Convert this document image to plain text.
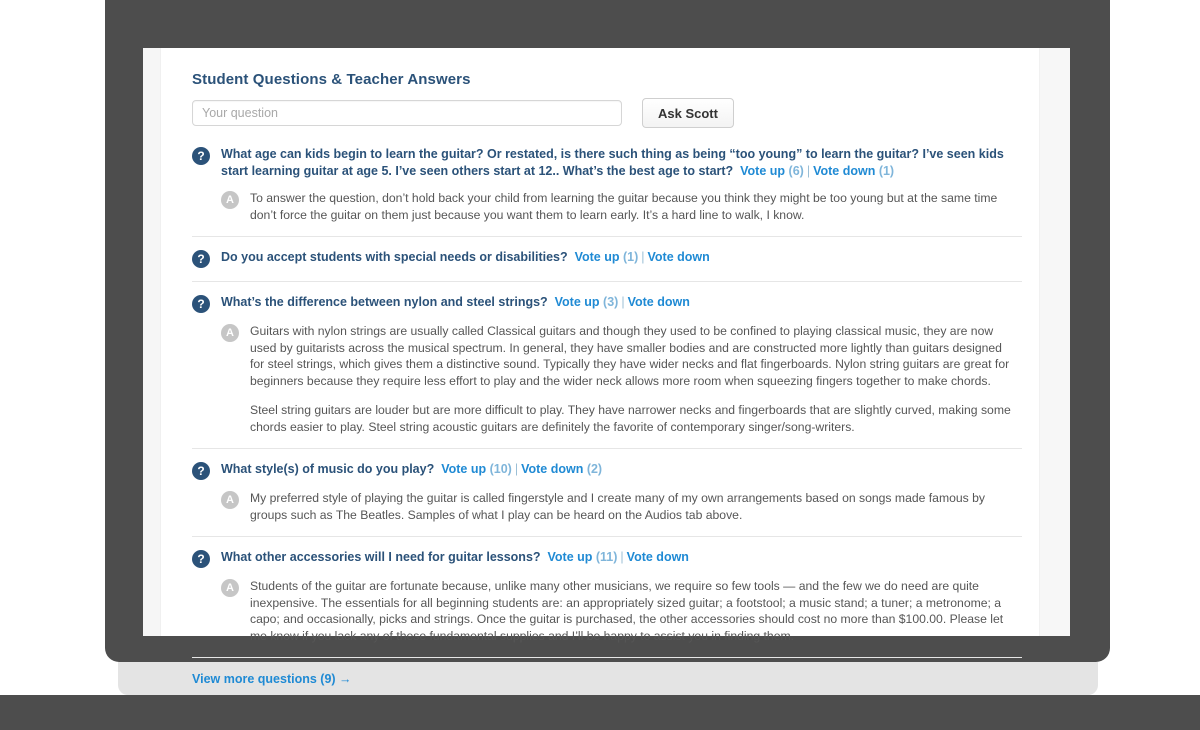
Student Questions & Teacher Answers
Your question
Ask Scott
?	What age can kids begin to learn the guitar? Or restated, is there such thing as being “too young” to learn the guitar? I’ve seen kids start learning guitar at age 5. I’ve seen others start at 12.. What’s the best age to start? Vote up (6) | Vote down (1)
A	To answer the question, don’t hold back your child from learning the guitar because you think they might be too young but at the same time don’t force the guitar on them just because you want them to learn early. It’s a hard line to walk, I know.

?	Do you accept students with special needs or disabilities? Vote up (1) | Vote down
?	What’s the difference between nylon and steel strings? Vote up (3) | Vote down
A	Guitars with nylon strings are usually called Classical guitars and though they used to be confined to playing classical music, they are now used by guitarists across the musical spectrum. In general, they have smaller bodies and are constructed more lightly than guitars designed for steel strings, which gives them a distinctive sound. Typically they have wider necks and flat fingerboards. Nylon string guitars are great for beginners because they require less effort to play and the wider neck allows more room when squeezing fingers together to make chords.

Steel string guitars are louder but are more difficult to play. They have narrower necks and fingerboards that are slightly curved, making some chords easier to play. Steel string acoustic guitars are definitely the favorite of contemporary singer/song-writers.

?	What style(s) of music do you play? Vote up (10) | Vote down (2)
A	My preferred style of playing the guitar is called fingerstyle and I create many of my own arrangements based on songs made famous by groups such as The Beatles. Samples of what I play can be heard on the Audios tab above.

?	What other accessories will I need for guitar lessons? Vote up (11) | Vote down
A	Students of the guitar are fortunate because, unlike many other musicians, we require so few tools — and the few we do need are quite inexpensive. The essentials for all beginning students are: an appropriately sized guitar; a footstool; a music stand; a tuner; a metronome; a capo; and occasionally, picks and strings. Once the guitar is purchased, the other accessories should cost no more than $100.00. Please let me know if you lack any of these fundamental supplies and I’ll be happy to assist you in finding them.

View more questions (9) →
